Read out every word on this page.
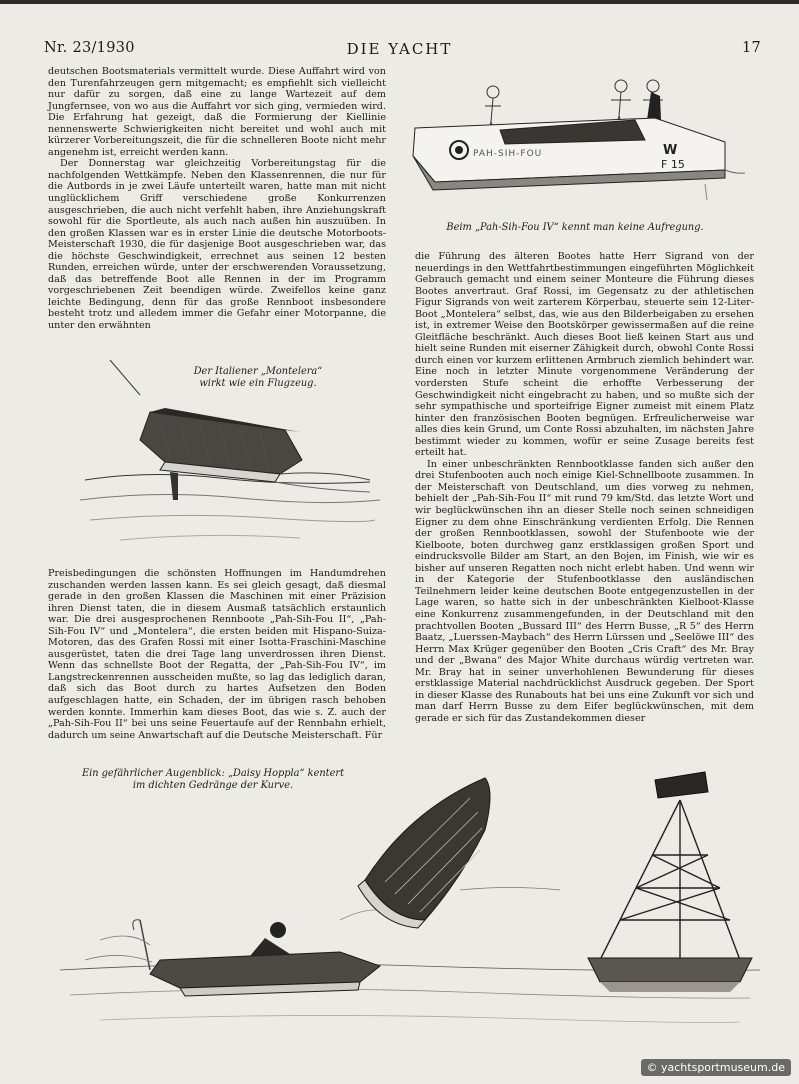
Nr. 23/1930	DIE YACHT	17

deutschen Bootsmaterials vermittelt wurde. Diese Auffahrt wird von den Turenfahrzeugen gern mitgemacht; es empfiehlt sich vielleicht nur dafür zu sorgen, daß eine zu lange Wartezeit auf dem Jungfernsee, von wo aus die Auffahrt vor sich ging, vermieden wird. Die Erfahrung hat gezeigt, daß die Formierung der Kiellinie nennenswerte Schwierigkeiten nicht bereitet und wohl auch mit kürzerer Vorbereitungszeit, die für die schnelleren Boote nicht mehr angenehm ist, erreicht werden kann.

Der Donnerstag war gleichzeitig Vorbereitungstag für die nachfolgenden Wettkämpfe. Neben den Klassenrennen, die nur für die Autbords in je zwei Läufe unterteilt waren, hatte man mit nicht unglücklichem Griff verschiedene große Konkurrenzen ausgeschrieben, die auch nicht verfehlt haben, ihre Anziehungskraft sowohl für die Sportleute, als auch nach außen hin auszuüben. In den großen Klassen war es in erster Linie die deutsche Motorboots-Meisterschaft 1930, die für dasjenige Boot ausgeschrieben war, das die höchste Geschwindigkeit, errechnet aus seinen 12 besten Runden, erreichen würde, unter der erschwerenden Voraussetzung, daß das betreffende Boot alle Rennen in der im Programm vorgeschriebenen Zeit beendigen würde. Zweifellos keine ganz leichte Bedingung, denn für das große Rennboot insbesondere besteht trotz und alledem immer die Gefahr einer Motorpanne, die unter den erwähnten

Der Italiener „Montelera“
wirkt wie ein Flugzeug.

Preisbedingungen die schönsten Hoffnungen im Handumdrehen zuschanden werden lassen kann. Es sei gleich gesagt, daß diesmal gerade in den großen Klassen die Maschinen mit einer Präzision ihren Dienst taten, die in diesem Ausmaß tatsächlich erstaunlich war. Die drei ausgesprochenen Rennboote „Pah-Sih-Fou II“, „Pah-Sih-Fou IV“ und „Montelera“, die ersten beiden mit Hispano-Suiza-Motoren, das des Grafen Rossi mit einer Isotta-Fraschini-Maschine ausgerüstet, taten die drei Tage lang unverdrossen ihren Dienst. Wenn das schnellste Boot der Regatta, der „Pah-Sih-Fou IV“, im Langstreckenrennen ausscheiden mußte, so lag das lediglich daran, daß sich das Boot durch zu hartes Aufsetzen den Boden aufgeschlagen hatte, ein Schaden, der im übrigen rasch behoben werden konnte. Immerhin kam dieses Boot, das wie s. Z. auch der „Pah-Sih-Fou II“ bei uns seine Feuertaufe auf der Rennbahn erhielt, dadurch um seine Anwartschaft auf die Deutsche Meisterschaft. Für

PAH-SIH-FOU	W
F 15
Beim „Pah-Sih-Fou IV“ kennt man keine Aufregung.

die Führung des älteren Bootes hatte Herr Sigrand von der neuerdings in den Wettfahrtbestimmungen eingeführten Möglichkeit Gebrauch gemacht und einem seiner Monteure die Führung dieses Bootes anvertraut. Graf Rossi, im Gegensatz zu der athletischen Figur Sigrands von weit zarterem Körperbau, steuerte sein 12-Liter-Boot „Montelera“ selbst, das, wie aus den Bilderbeigaben zu ersehen ist, in extremer Weise den Bootskörper gewissermaßen auf die reine Gleitfläche beschränkt. Auch dieses Boot ließ keinen Start aus und hielt seine Runden mit eiserner Zähigkeit durch, obwohl Conte Rossi durch einen vor kurzem erlittenen Armbruch ziemlich behindert war. Eine noch in letzter Minute vorgenommene Veränderung der vordersten Stufe scheint die erhoffte Verbesserung der Geschwindigkeit nicht eingebracht zu haben, und so mußte sich der sehr sympathische und sporteifrige Eigner zumeist mit einem Platz hinter den französischen Booten begnügen. Erfreulicherweise war alles dies kein Grund, um Conte Rossi abzuhalten, im nächsten Jahre bestimmt wieder zu kommen, wofür er seine Zusage bereits fest erteilt hat.

In einer unbeschränkten Rennbootklasse fanden sich außer den drei Stufenbooten auch noch einige Kiel-Schnellboote zusammen. In der Meisterschaft von Deutschland, um dies vorweg zu nehmen, behielt der „Pah-Sih-Fou II“ mit rund 79 km/Std. das letzte Wort und wir beglückwünschen ihn an dieser Stelle noch seinen schneidigen Eigner zu dem ohne Einschränkung verdienten Erfolg. Die Rennen der großen Rennbootklassen, sowohl der Stufenboote wie der Kielboote, boten durchweg ganz erstklassigen großen Sport und eindrucksvolle Bilder am Start, an den Bojen, im Finish, wie wir es bisher auf unseren Regatten noch nicht erlebt haben. Und wenn wir in der Kategorie der Stufenbootklasse den ausländischen Teilnehmern leider keine deutschen Boote entgegenzustellen in der Lage waren, so hatte sich in der unbeschränkten Kielboot-Klasse eine Konkurrenz zusammengefunden, in der Deutschland mit den prachtvollen Booten „Bussard III“ des Herrn Busse, „R 5“ des Herrn Baatz, „Luerssen-Maybach“ des Herrn Lürssen und „Seelöwe III“ des Herrn Max Krüger gegenüber den Booten „Cris Craft“ des Mr. Bray und der „Bwana“ des Major White durchaus würdig vertreten war. Mr. Bray hat in seiner unverhohlenen Bewunderung für dieses erstklassige Material nachdrücklichst Ausdruck gegeben. Der Sport in dieser Klasse des Runabouts hat bei uns eine Zukunft vor sich und man darf Herrn Busse zu dem Eifer beglückwünschen, mit dem gerade er sich für das Zustandekommen dieser

Ein gefährlicher Augenblick: „Daisy Hoppla“ kentert
im dichten Gedränge der Kurve.
© yachtsportmuseum.de
